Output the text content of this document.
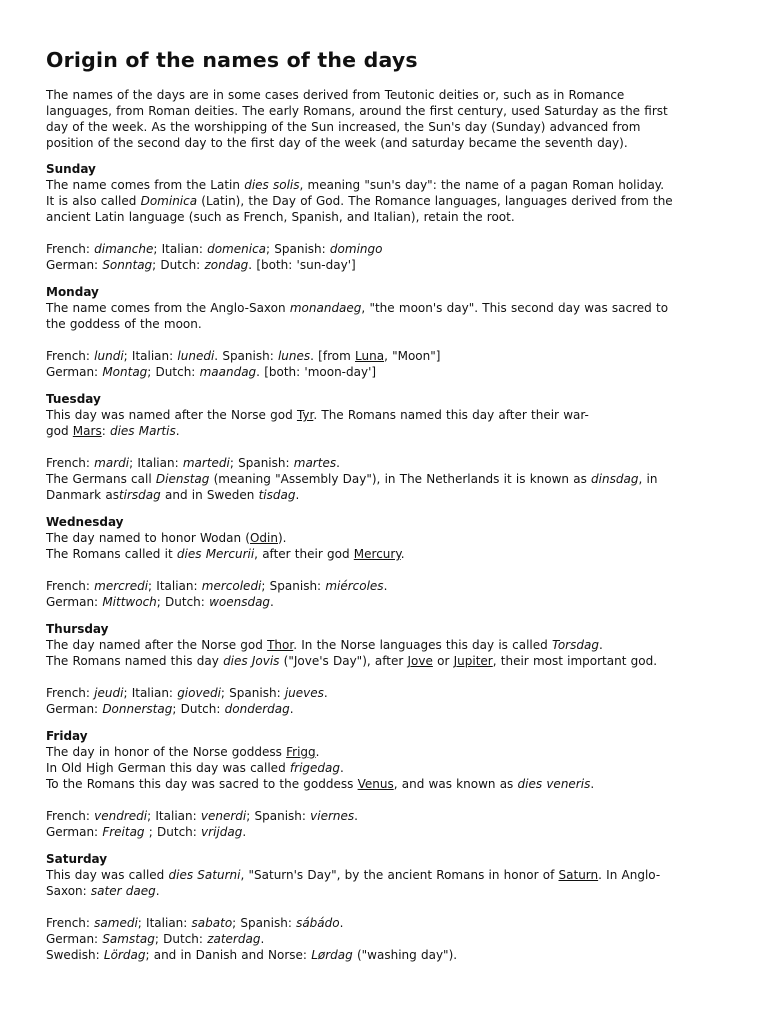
Origin of the names of the days
The names of the days are in some cases derived from Teutonic deities or, such as in Romance
languages, from Roman deities. The early Romans, around the first century, used Saturday as the first
day of the week. As the worshipping of the Sun increased, the Sun's day (Sunday) advanced from
position of the second day to the first day of the week (and saturday became the seventh day).
Sunday
The name comes from the Latin dies solis, meaning "sun's day": the name of a pagan Roman holiday.
It is also called Dominica (Latin), the Day of God. The Romance languages, languages derived from the
ancient Latin language (such as French, Spanish, and Italian), retain the root.
French: dimanche; Italian: domenica; Spanish: domingo
German: Sonntag; Dutch: zondag. [both: 'sun-day']
Monday
The name comes from the Anglo-Saxon monandaeg, "the moon's day". This second day was sacred to
the goddess of the moon.
French: lundi; Italian: lunedi. Spanish: lunes. [from Luna, "Moon"]
German: Montag; Dutch: maandag. [both: 'moon-day']
Tuesday
This day was named after the Norse god Tyr. The Romans named this day after their war-
god Mars: dies Martis.
French: mardi; Italian: martedi; Spanish: martes.
The Germans call Dienstag (meaning "Assembly Day"), in The Netherlands it is known as dinsdag, in
Danmark astirsdag and in Sweden tisdag.
Wednesday
The day named to honor Wodan (Odin).
The Romans called it dies Mercurii, after their god Mercury.
French: mercredi; Italian: mercoledi; Spanish: miércoles.
German: Mittwoch; Dutch: woensdag.
Thursday
The day named after the Norse god Thor. In the Norse languages this day is called Torsdag.
The Romans named this day dies Jovis ("Jove's Day"), after Jove or Jupiter, their most important god.
French: jeudi; Italian: giovedi; Spanish: jueves.
German: Donnerstag; Dutch: donderdag.
Friday
The day in honor of the Norse goddess Frigg.
In Old High German this day was called frigedag.
To the Romans this day was sacred to the goddess Venus, and was known as dies veneris.
French: vendredi; Italian: venerdi; Spanish: viernes.
German: Freitag ; Dutch: vrijdag.
Saturday
This day was called dies Saturni, "Saturn's Day", by the ancient Romans in honor of Saturn. In Anglo-
Saxon: sater daeg.
French: samedi; Italian: sabato; Spanish: sábádo.
German: Samstag; Dutch: zaterdag.
Swedish: Lördag; and in Danish and Norse: Lørdag ("washing day").
